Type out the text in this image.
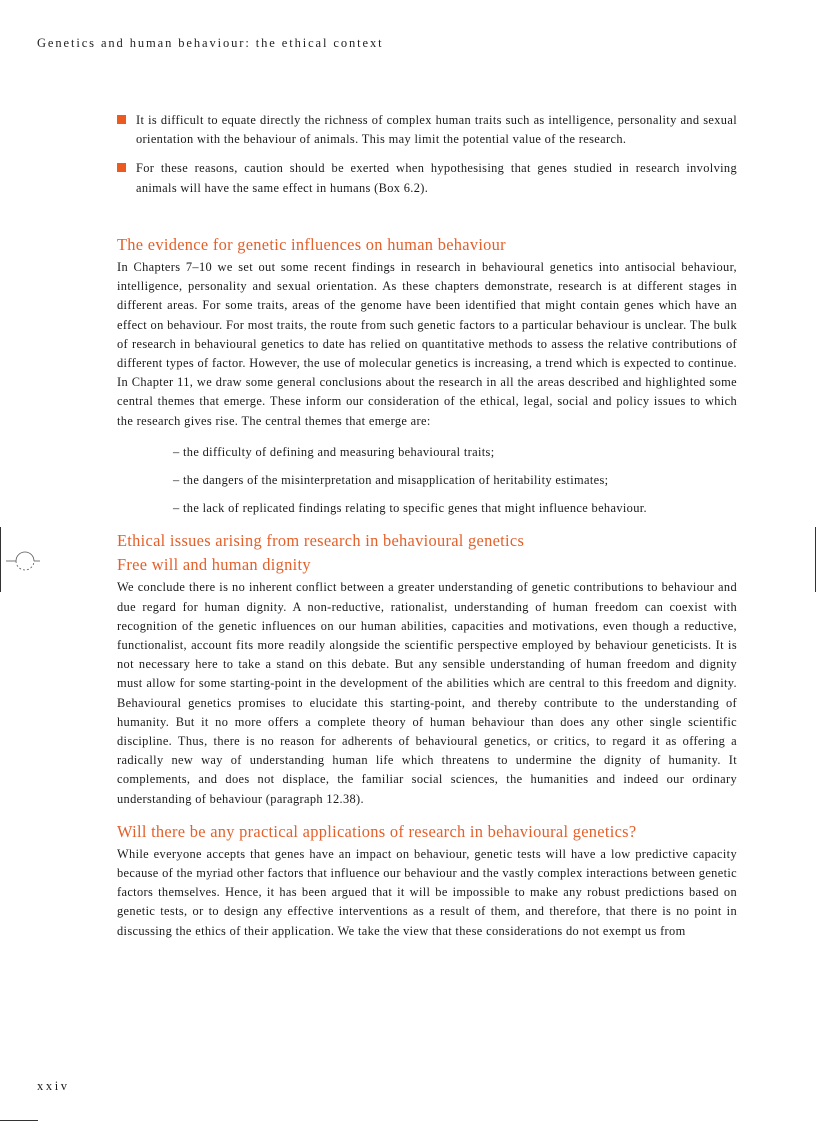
Genetics and human behaviour: the ethical context
It is difficult to equate directly the richness of complex human traits such as intelligence, personality and sexual orientation with the behaviour of animals. This may limit the potential value of the research.
For these reasons, caution should be exerted when hypothesising that genes studied in research involving animals will have the same effect in humans (Box 6.2).
The evidence for genetic influences on human behaviour

In Chapters 7–10 we set out some recent findings in research in behavioural genetics into antisocial behaviour, intelligence, personality and sexual orientation. As these chapters demonstrate, research is at different stages in different areas. For some traits, areas of the genome have been identified that might contain genes which have an effect on behaviour. For most traits, the route from such genetic factors to a particular behaviour is unclear. The bulk of research in behavioural genetics to date has relied on quantitative methods to assess the relative contributions of different types of factor. However, the use of molecular genetics is increasing, a trend which is expected to continue. In Chapter 11, we draw some general conclusions about the research in all the areas described and highlighted some central themes that emerge. These inform our consideration of the ethical, legal, social and policy issues to which the research gives rise. The central themes that emerge are:

– the difficulty of defining and measuring behavioural traits;
– the dangers of the misinterpretation and misapplication of heritability estimates;
– the lack of replicated findings relating to specific genes that might influence behaviour.
Ethical issues arising from research in behavioural genetics
Free will and human dignity

We conclude there is no inherent conflict between a greater understanding of genetic contributions to behaviour and due regard for human dignity. A non-reductive, rationalist, understanding of human freedom can coexist with recognition of the genetic influences on our human abilities, capacities and motivations, even though a reductive, functionalist, account fits more readily alongside the scientific perspective employed by behaviour geneticists. It is not necessary here to take a stand on this debate. But any sensible understanding of human freedom and dignity must allow for some starting-point in the development of the abilities which are central to this freedom and dignity. Behavioural genetics promises to elucidate this starting-point, and thereby contribute to the understanding of humanity. But it no more offers a complete theory of human behaviour than does any other single scientific discipline. Thus, there is no reason for adherents of behavioural genetics, or critics, to regard it as offering a radically new way of understanding human life which threatens to undermine the dignity of humanity. It complements, and does not displace, the familiar social sciences, the humanities and indeed our ordinary understanding of behaviour (paragraph 12.38).

Will there be any practical applications of research in behavioural genetics?

While everyone accepts that genes have an impact on behaviour, genetic tests will have a low predictive capacity because of the myriad other factors that influence our behaviour and the vastly complex interactions between genetic factors themselves. Hence, it has been argued that it will be impossible to make any robust predictions based on genetic tests, or to design any effective interventions as a result of them, and therefore, that there is no point in discussing the ethics of their application. We take the view that these considerations do not exempt us from

xxiv
